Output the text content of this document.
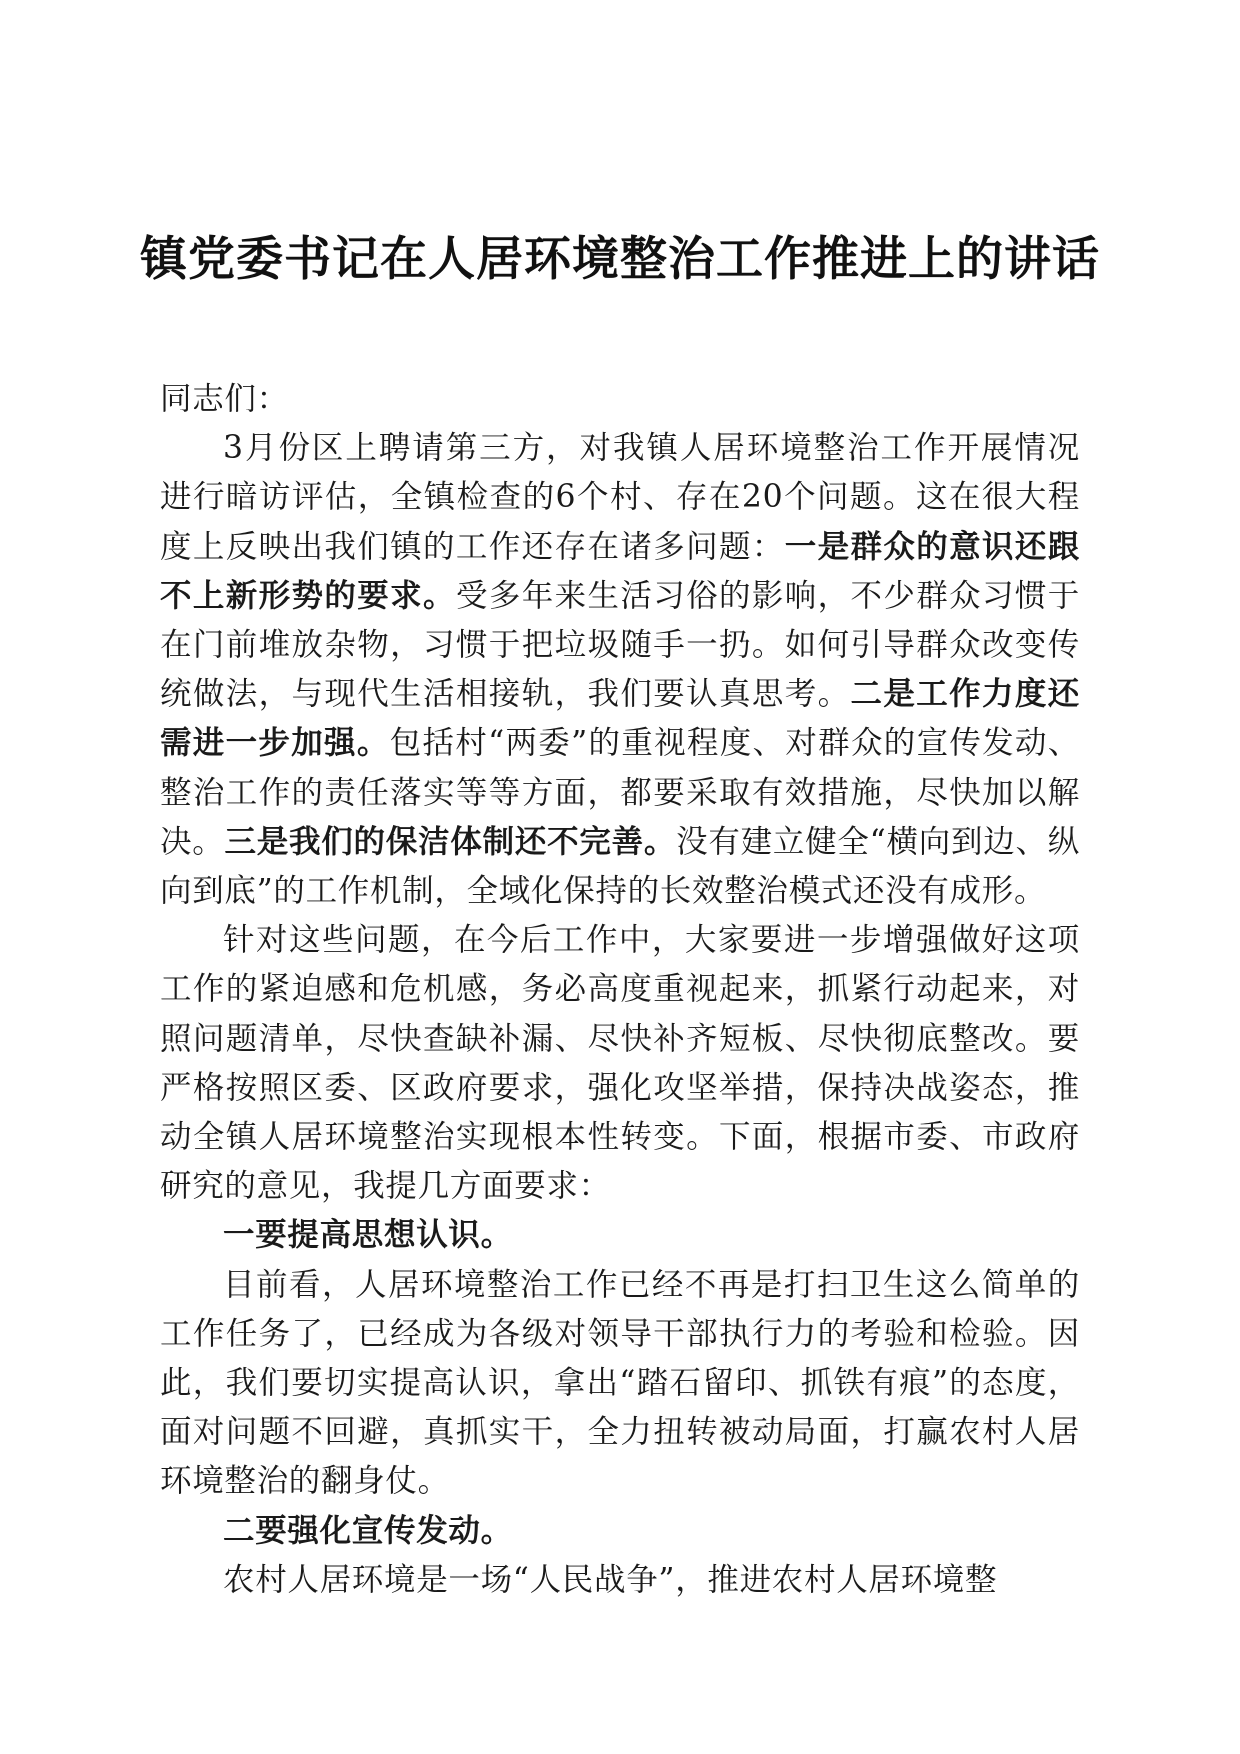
镇党委书记在人居环境整治工作推进上的讲话

同志们：

3月份区上聘请第三方，对我镇人居环境整治工作开展情况进行暗访评估，全镇检查的6个村、存在20个问题。这在很大程度上反映出我们镇的工作还存在诸多问题：一是群众的意识还跟不上新形势的要求。受多年来生活习俗的影响，不少群众习惯于在门前堆放杂物，习惯于把垃圾随手一扔。如何引导群众改变传统做法，与现代生活相接轨，我们要认真思考。二是工作力度还需进一步加强。包括村“两委”的重视程度、对群众的宣传发动、整治工作的责任落实等等方面，都要采取有效措施，尽快加以解决。三是我们的保洁体制还不完善。没有建立健全“横向到边、纵向到底”的工作机制，全域化保持的长效整治模式还没有成形。

针对这些问题，在今后工作中，大家要进一步增强做好这项工作的紧迫感和危机感，务必高度重视起来，抓紧行动起来，对照问题清单，尽快查缺补漏、尽快补齐短板、尽快彻底整改。要严格按照区委、区政府要求，强化攻坚举措，保持决战姿态，推动全镇人居环境整治实现根本性转变。下面，根据市委、市政府研究的意见，我提几方面要求：

一要提高思想认识。

目前看，人居环境整治工作已经不再是打扫卫生这么简单的工作任务了，已经成为各级对领导干部执行力的考验和检验。因此，我们要切实提高认识，拿出“踏石留印、抓铁有痕”的态度，面对问题不回避，真抓实干，全力扭转被动局面，打赢农村人居环境整治的翻身仗。

二要强化宣传发动。

农村人居环境是一场“人民战争”，推进农村人居环境整
